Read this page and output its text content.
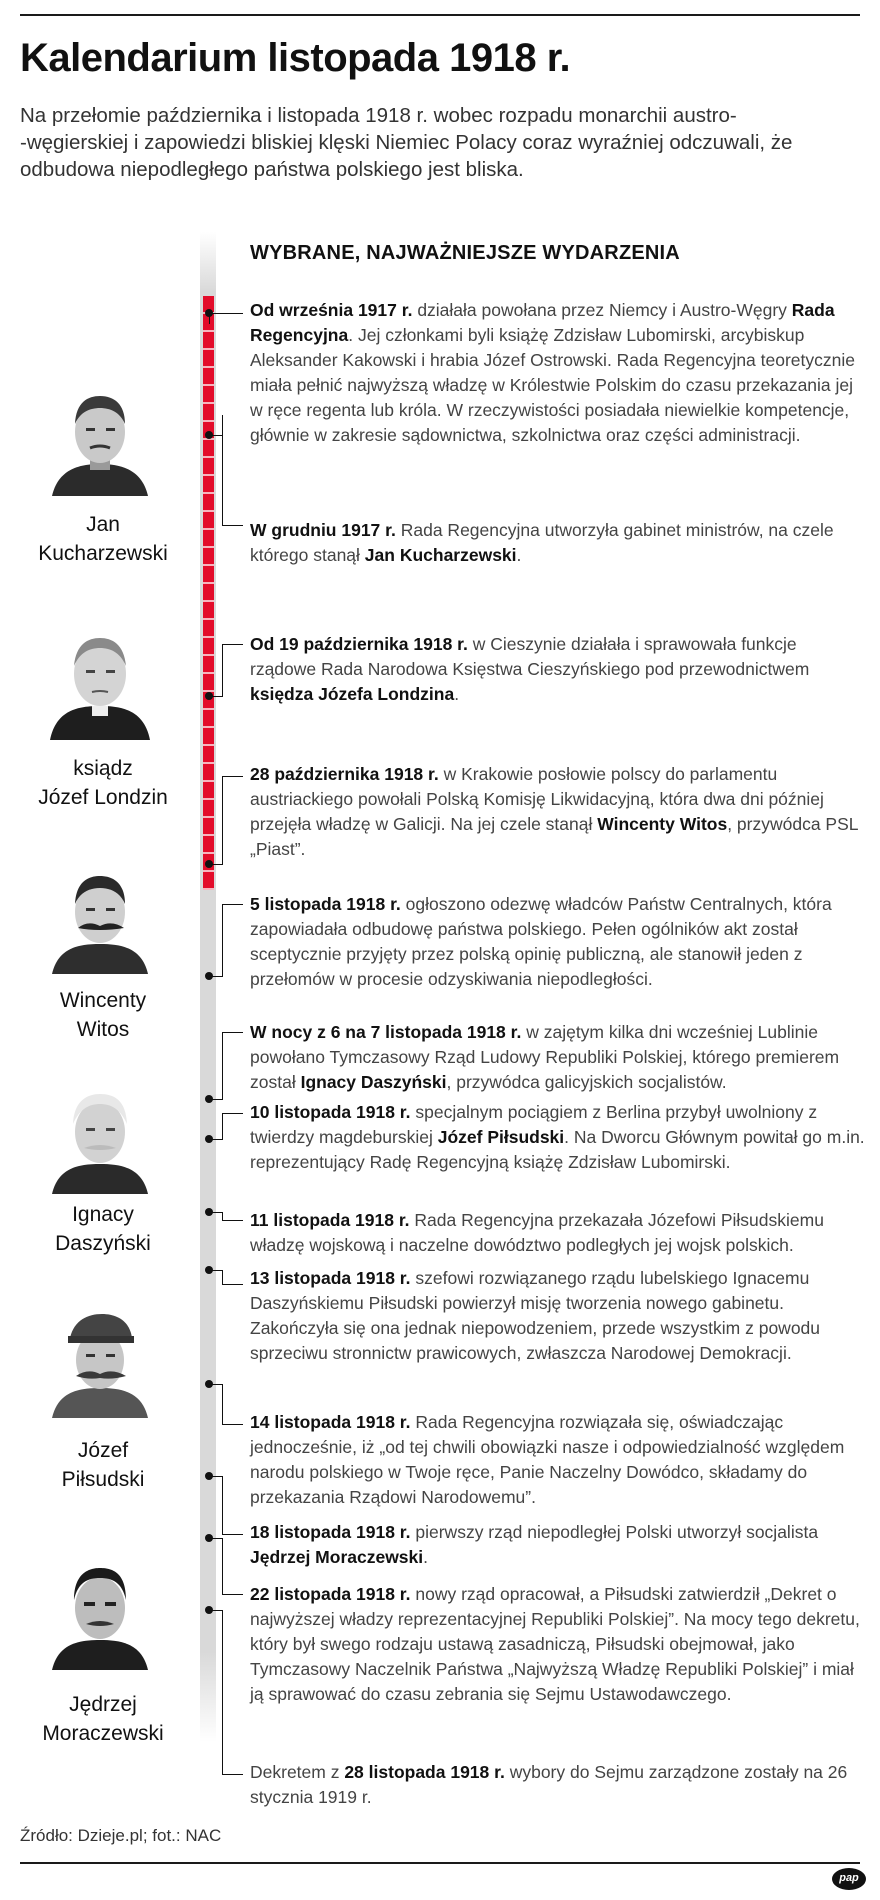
Kalendarium listopada 1918 r.

Na przełomie października i listopada 1918 r. wobec rozpadu monarchii austro-
-węgierskiej i zapowiedzi bliskiej klęski Niemiec Polacy coraz wyraźniej odczuwali, że odbudowa niepodległego państwa polskiego jest bliska.

WYBRANE, NAJWAŻNIEJSZE WYDARZENIA

Od września 1917 r. działała powołana przez Niemcy i Austro-Węgry Rada Regencyjna. Jej członkami byli książę Zdzisław Lubomirski, arcybiskup Aleksander Kakowski i hrabia Józef Ostrowski. Rada Regencyjna teoretycznie miała pełnić najwyższą władzę w Królestwie Polskim do czasu przekazania jej w ręce regenta lub króla. W rzeczywistości posiadała niewielkie kompetencje, głównie w zakresie sądownictwa, szkolnictwa oraz części administracji.

W grudniu 1917 r. Rada Regencyjna utworzyła gabinet ministrów, na czele którego stanął Jan Kucharzewski.

Od 19 października 1918 r. w Cieszynie działała i sprawowała funkcje rządowe Rada Narodowa Księstwa Cieszyńskiego pod przewodnictwem księdza Józefa Londzina.

28 października 1918 r. w Krakowie posłowie polscy do parlamentu austriackiego powołali Polską Komisję Likwidacyjną, która dwa dni później przejęła władzę w Galicji. Na jej czele stanął Wincenty Witos, przywódca PSL „Piast”.

5 listopada 1918 r. ogłoszono odezwę władców Państw Centralnych, która zapowiadała odbudowę państwa polskiego. Pełen ogólników akt został sceptycznie przyjęty przez polską opinię publiczną, ale stanowił jeden z przełomów w procesie odzyskiwania niepodległości.

W nocy z 6 na 7 listopada 1918 r. w zajętym kilka dni wcześniej Lublinie powołano Tymczasowy Rząd Ludowy Republiki Polskiej, którego premierem został Ignacy Daszyński, przywódca galicyjskich socjalistów.

10 listopada 1918 r. specjalnym pociągiem z Berlina przybył uwolniony z twierdzy magdeburskiej Józef Piłsudski. Na Dworcu Głównym powitał go m.in. reprezentujący Radę Regencyjną książę Zdzisław Lubomirski.

11 listopada 1918 r. Rada Regencyjna przekazała Józefowi Piłsudskiemu władzę wojskową i naczelne dowództwo podległych jej wojsk polskich.

13 listopada 1918 r. szefowi rozwiązanego rządu lubelskiego Ignacemu Daszyńskiemu Piłsudski powierzył misję tworzenia nowego gabinetu. Zakończyła się ona jednak niepowodzeniem, przede wszystkim z powodu sprzeciwu stronnictw prawicowych, zwłaszcza Narodowej Demokracji.

14 listopada 1918 r. Rada Regencyjna rozwiązała się, oświadczając jednocześnie, iż „od tej chwili obowiązki nasze i odpowiedzialność względem narodu polskiego w Twoje ręce, Panie Naczelny Dowódco, składamy do przekazania Rządowi Narodowemu”.

18 listopada 1918 r. pierwszy rząd niepodległej Polski utworzył socjalista Jędrzej Moraczewski.

22 listopada 1918 r. nowy rząd opracował, a Piłsudski zatwierdził „Dekret o najwyższej władzy reprezentacyjnej Republiki Polskiej”. Na mocy tego dekretu, który był swego rodzaju ustawą zasadniczą, Piłsudski obejmował, jako Tymczasowy Naczelnik Państwa „Najwyższą Władzę Republiki Polskiej” i miał ją sprawować do czasu zebrania się Sejmu Ustawodawczego.

Dekretem z 28 listopada 1918 r. wybory do Sejmu zarządzone zostały na 26 stycznia 1919 r.

Jan
Kucharzewski
ksiądz
Józef Londzin
Wincenty
Witos
Ignacy
Daszyński
Józef
Piłsudski
Jędrzej
Moraczewski

Źródło: Dzieje.pl; fot.: NAC

pap
